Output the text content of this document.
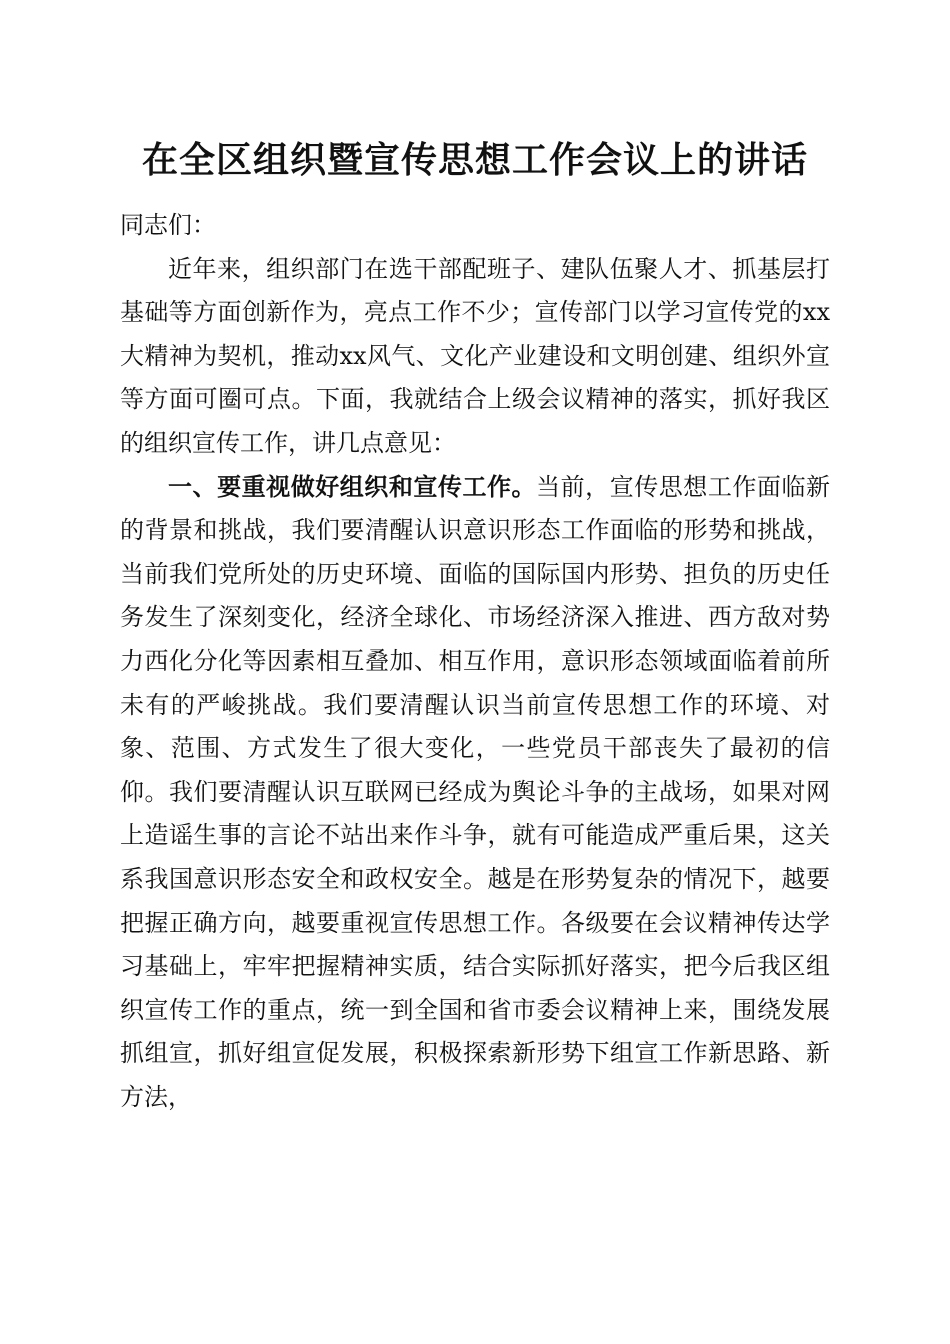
在全区组织暨宣传思想工作会议上的讲话

同志们：

近年来，组织部门在选干部配班子、建队伍聚人才、抓基层打基础等方面创新作为，亮点工作不少；宣传部门以学习宣传党的xx大精神为契机，推动xx风气、文化产业建设和文明创建、组织外宣等方面可圈可点。下面，我就结合上级会议精神的落实，抓好我区的组织宣传工作，讲几点意见：

一、要重视做好组织和宣传工作。当前，宣传思想工作面临新的背景和挑战，我们要清醒认识意识形态工作面临的形势和挑战，当前我们党所处的历史环境、面临的国际国内形势、担负的历史任务发生了深刻变化，经济全球化、市场经济深入推进、西方敌对势力西化分化等因素相互叠加、相互作用，意识形态领域面临着前所未有的严峻挑战。我们要清醒认识当前宣传思想工作的环境、对象、范围、方式发生了很大变化，一些党员干部丧失了最初的信仰。我们要清醒认识互联网已经成为舆论斗争的主战场，如果对网上造谣生事的言论不站出来作斗争，就有可能造成严重后果，这关系我国意识形态安全和政权安全。越是在形势复杂的情况下，越要把握正确方向，越要重视宣传思想工作。各级要在会议精神传达学习基础上，牢牢把握精神实质，结合实际抓好落实，把今后我区组织宣传工作的重点，统一到全国和省市委会议精神上来，围绕发展抓组宣，抓好组宣促发展，积极探索新形势下组宣工作新思路、新方法，
